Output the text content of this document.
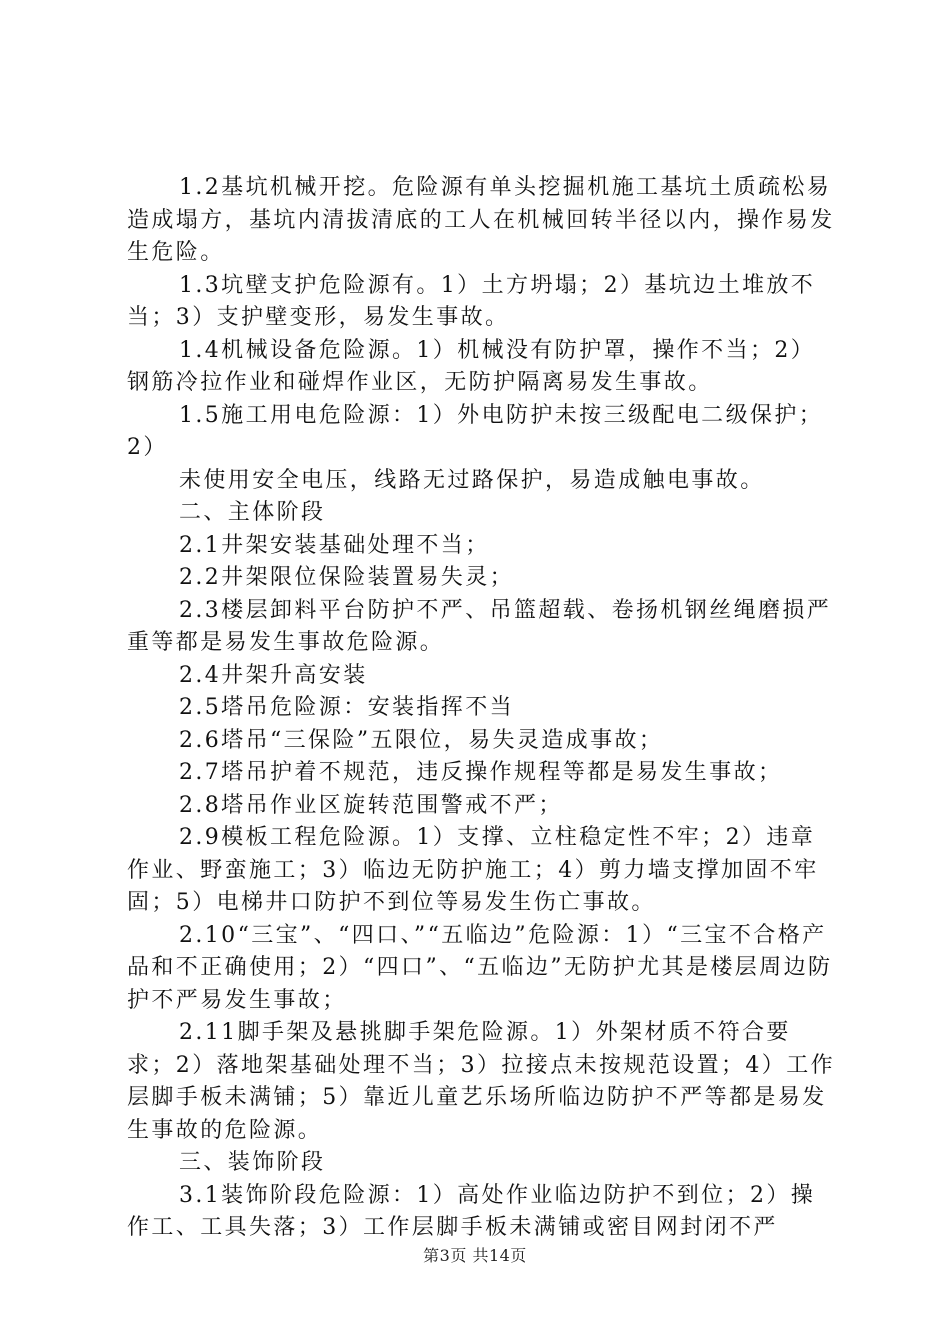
1.2基坑机械开挖。危险源有单头挖掘机施工基坑土质疏松易造成塌方，基坑内清拔清底的工人在机械回转半径以内，操作易发生危险。

1.3坑壁支护危险源有。1）土方坍塌；2）基坑边土堆放不当；3）支护壁变形，易发生事故。

1.4机械设备危险源。1）机械没有防护罩，操作不当；2）钢筋冷拉作业和碰焊作业区，无防护隔离易发生事故。

1.5施工用电危险源：1）外电防护未按三级配电二级保护；2）

未使用安全电压，线路无过路保护，易造成触电事故。

二、主体阶段

2.1井架安装基础处理不当；

2.2井架限位保险装置易失灵；

2.3楼层卸料平台防护不严、吊篮超载、卷扬机钢丝绳磨损严重等都是易发生事故危险源。

2.4井架升高安装

2.5塔吊危险源：安装指挥不当

2.6塔吊“三保险”五限位，易失灵造成事故；

2.7塔吊护着不规范，违反操作规程等都是易发生事故；

2.8塔吊作业区旋转范围警戒不严；

2.9模板工程危险源。1）支撑、立柱稳定性不牢；2）违章作业、野蛮施工；3）临边无防护施工；4）剪力墙支撑加固不牢固；5）电梯井口防护不到位等易发生伤亡事故。

2.10“三宝”、“四口、”“五临边”危险源：1）“三宝不合格产品和不正确使用；2）“四口”、“五临边”无防护尤其是楼层周边防护不严易发生事故；

2.11脚手架及悬挑脚手架危险源。1）外架材质不符合要求；2）落地架基础处理不当；3）拉接点未按规范设置；4）工作层脚手板未满铺；5）靠近儿童艺乐场所临边防护不严等都是易发生事故的危险源。

三、装饰阶段

3.1装饰阶段危险源：1）高处作业临边防护不到位；2）操作工、工具失落；3）工作层脚手板未满铺或密目网封闭不严

第3页 共14页
